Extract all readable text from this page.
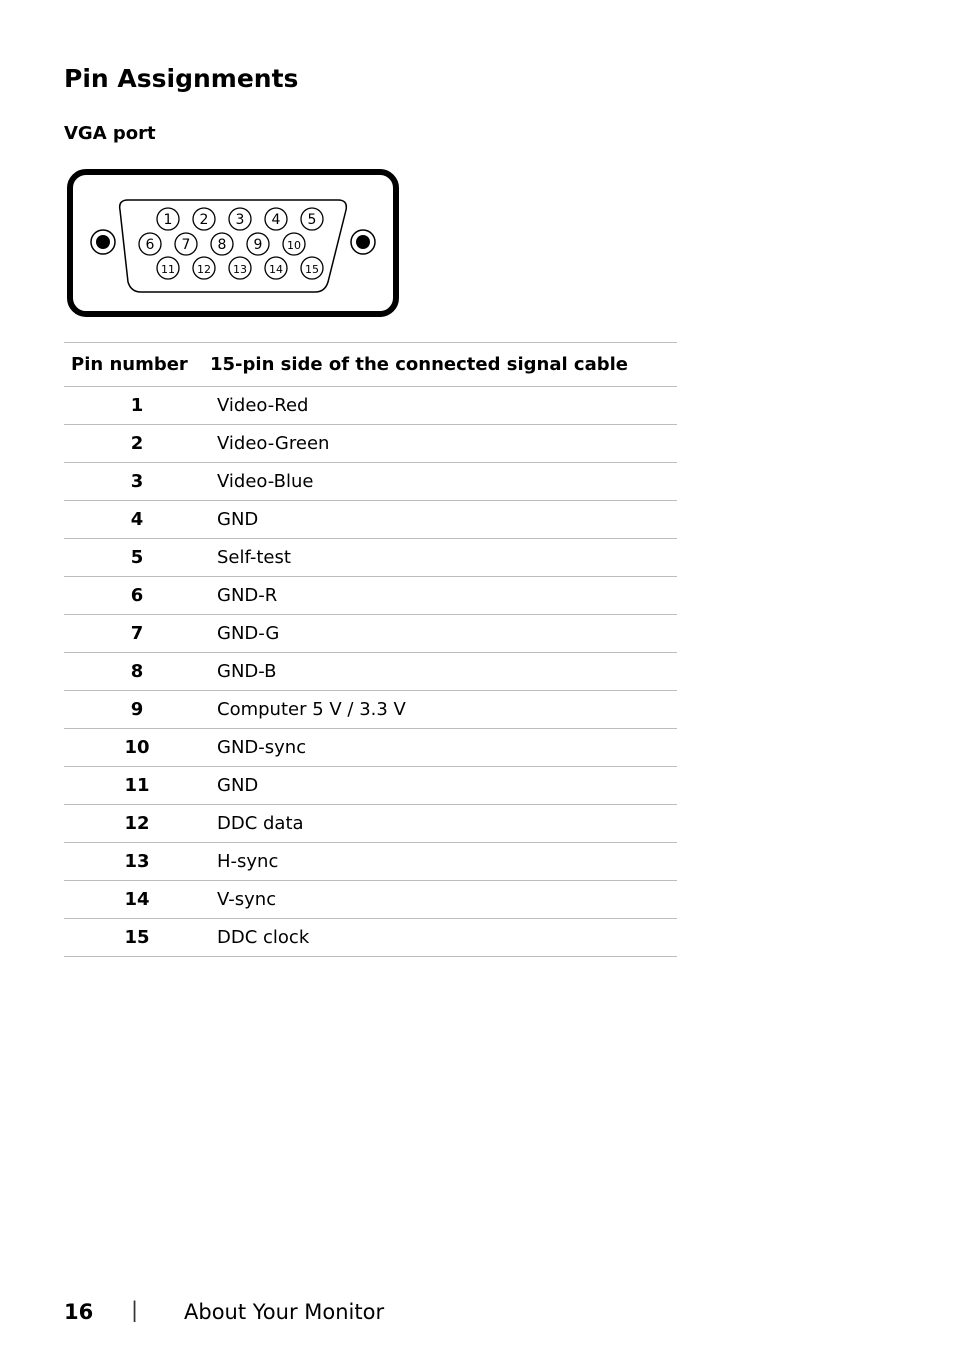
Pin Assignments
VGA port
1 2 3 4 5
6 7 8 9 10
11 12 13 14 15
Pin number	15-pin side of the connected signal cable
1	Video-Red
2	Video-Green
3	Video-Blue
4	GND
5	Self-test
6	GND-R
7	GND-G
8	GND-B
9	Computer 5 V / 3.3 V
10	GND-sync
11	GND
12	DDC data
13	H-sync
14	V-sync
15	DDC clock
16 | About Your Monitor
